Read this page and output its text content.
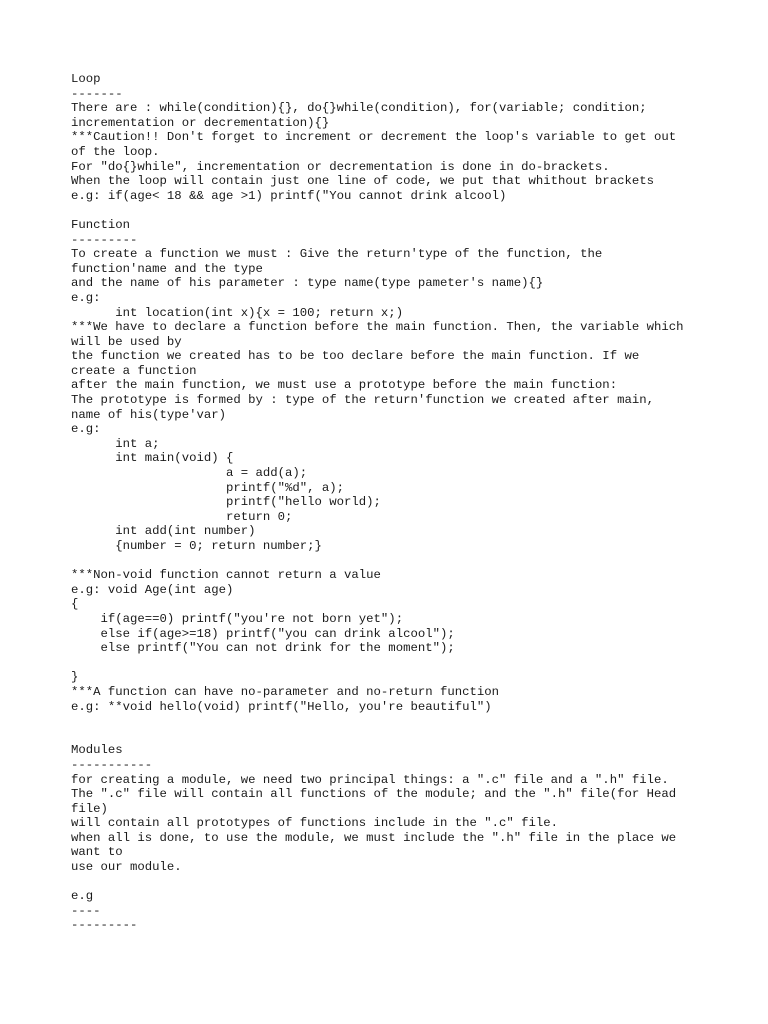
Loop
-------
There are : while(condition){}, do{}while(condition), for(variable; condition;
incrementation or decrementation){}
***Caution!! Don't forget to increment or decrement the loop's variable to get out
of the loop.
For "do{}while", incrementation or decrementation is done in do-brackets.
When the loop will contain just one line of code, we put that whithout brackets
e.g: if(age< 18 && age >1) printf("You cannot drink alcool)
Function
---------
To create a function we must : Give the return'type of the function, the
function'name and the type
and the name of his parameter : type name(type pameter's name){}
e.g:
int location(int x){x = 100; return x;)
***We have to declare a function before the main function. Then, the variable which
will be used by
the function we created has to be too declare before the main function. If we
create a function
after the main function, we must use a prototype before the main function:
The prototype is formed by : type of the return'function we created after main,
name of his(type'var)
e.g:
int a;
int main(void) {
a = add(a);
printf("%d", a);
printf("hello world);
return 0;
int add(int number)
{number = 0; return number;}
***Non-void function cannot return a value
e.g: void Age(int age)
{
if(age==0) printf("you're not born yet");
else if(age>=18) printf("you can drink alcool");
else printf("You can not drink for the moment");
}
***A function can have no-parameter and no-return function
e.g: **void hello(void) printf("Hello, you're beautiful")
Modules
-----------
for creating a module, we need two principal things: a ".c" file and a ".h" file.
The ".c" file will contain all functions of the module; and the ".h" file(for Head
file)
will contain all prototypes of functions include in the ".c" file.
when all is done, to use the module, we must include the ".h" file in the place we
want to
use our module.
e.g
----
---------
